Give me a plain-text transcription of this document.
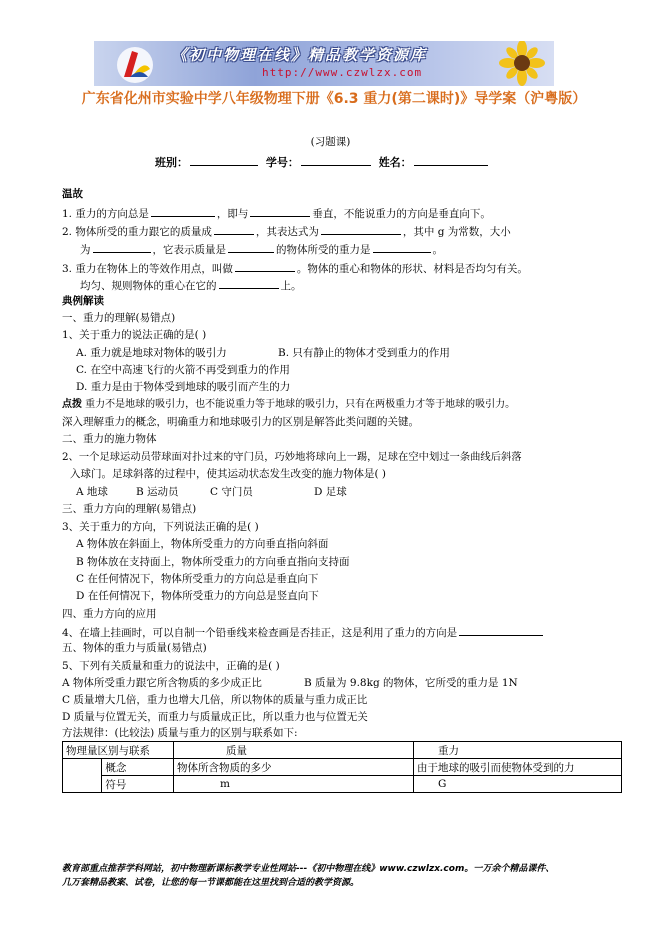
《初中物理在线》精品教学资源库
http://www.czwlzx.com
广东省化州市实验中学八年级物理下册《6.3 重力(第二课时)》导学案（沪粤版）
(习题课)
班别：	学号：	姓名：
温故
1. 重力的方向总是	，即与	垂直，不能说重力的方向是垂直向下。
2. 物体所受的重力跟它的质量成	，其表达式为	，其中 g 为常数，大小
为	，它表示质量是	的物体所受的重力是	。
3. 重力在物体上的等效作用点，叫做	。物体的重心和物体的形状、材料是否均匀有关。
均匀、规则物体的重心在它的	上。
典例解读
一、重力的理解(易错点)
1、关于重力的说法正确的是( )
A. 重力就是地球对物体的吸引力	B. 只有静止的物体才受到重力的作用
C. 在空中高速飞行的火箭不再受到重力的作用
D. 重力是由于物体受到地球的吸引而产生的力
点拨 重力不是地球的吸引力，也不能说重力等于地球的吸引力，只有在两极重力才等于地球的吸引力。
深入理解重力的概念，明确重力和地球吸引力的区别是解答此类问题的关键。
二、重力的施力物体
2、一个足球运动员带球面对扑过来的守门员，巧妙地将球向上一踢，足球在空中划过一条曲线后斜落
入球门。足球斜落的过程中，使其运动状态发生改变的施力物体是( )
A 地球	B 运动员	C 守门员	D 足球
三、重力方向的理解(易错点)
3、关于重力的方向，下列说法正确的是( )
A 物体放在斜面上，物体所受重力的方向垂直指向斜面
B 物体放在支持面上，物体所受重力的方向垂直指向支持面
C 在任何情况下，物体所受重力的方向总是垂直向下
D 在任何情况下，物体所受重力的方向总是竖直向下
四、重力方向的应用
4、在墙上挂画时，可以自制一个铅垂线来检查画是否挂正，这是利用了重力的方向是
五、物体的重力与质量(易错点)
5、下列有关质量和重力的说法中，正确的是( )
A 物体所受重力跟它所含物质的多少成正比	B 质量为 9.8kg 的物体，它所受的重力是 1N
C 质量增大几倍，重力也增大几倍，所以物体的质量与重力成正比
D 质量与位置无关，而重力与质量成正比，所以重力也与位置无关
方法规律：(比较法) 质量与重力的区别与联系如下:
物理量区别与联系		质量	重力
	概念	物体所含物质的多少	由于地球的吸引而使物体受到的力
	符号	m	G
教育部重点推荐学科网站，初中物理新课标教学专业性网站---《初中物理在线》www.czwlzx.com。一万余个精品课件、
几万套精品教案、试卷，让您的每一节课都能在这里找到合适的教学资源。
